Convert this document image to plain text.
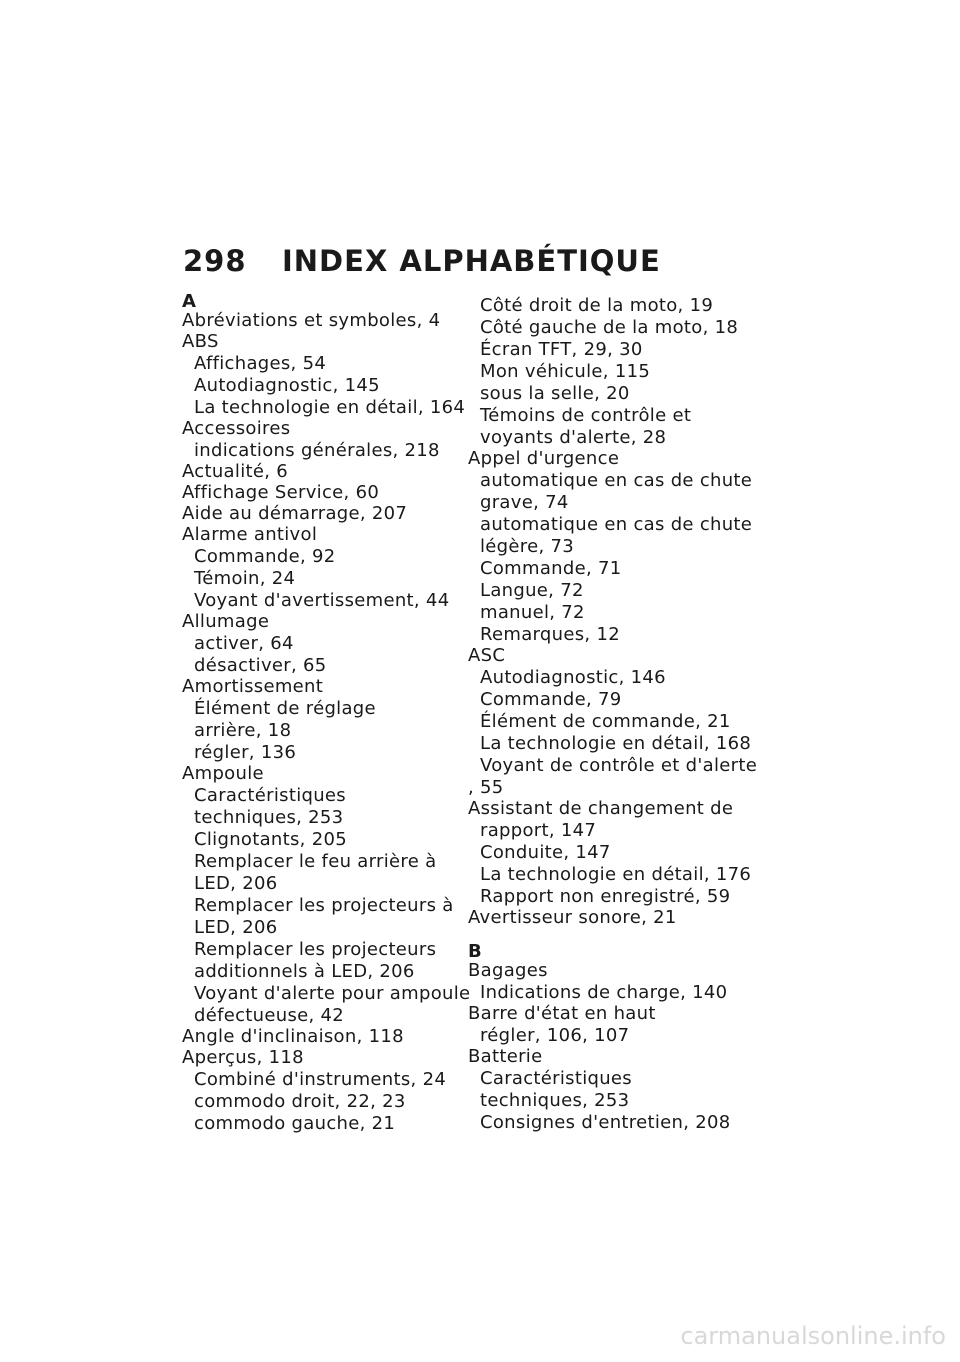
298 INDEX ALPHABÉTIQUE
A
Abréviations et symboles, 4
ABS
Affichages, 54
Autodiagnostic, 145
La technologie en détail, 164
Accessoires
indications générales, 218
Actualité, 6
Affichage Service, 60
Aide au démarrage, 207
Alarme antivol
Commande, 92
Témoin, 24
Voyant d'avertissement, 44
Allumage
activer, 64
désactiver, 65
Amortissement
Élément de réglage
arrière, 18
régler, 136
Ampoule
Caractéristiques
techniques, 253
Clignotants, 205
Remplacer le feu arrière à
LED, 206
Remplacer les projecteurs à
LED, 206
Remplacer les projecteurs
additionnels à LED, 206
Voyant d'alerte pour ampoule
défectueuse, 42
Angle d'inclinaison, 118
Aperçus, 118
Combiné d'instruments, 24
commodo droit, 22, 23
commodo gauche, 21
Côté droit de la moto, 19
Côté gauche de la moto, 18
Écran TFT, 29, 30
Mon véhicule, 115
sous la selle, 20
Témoins de contrôle et
voyants d'alerte, 28
Appel d'urgence
automatique en cas de chute
grave, 74
automatique en cas de chute
légère, 73
Commande, 71
Langue, 72
manuel, 72
Remarques, 12
ASC
Autodiagnostic, 146
Commande, 79
Élément de commande, 21
La technologie en détail, 168
Voyant de contrôle et d'alerte
, 55
Assistant de changement de
rapport, 147
Conduite, 147
La technologie en détail, 176
Rapport non enregistré, 59
Avertisseur sonore, 21
B
Bagages
Indications de charge, 140
Barre d'état en haut
régler, 106, 107
Batterie
Caractéristiques
techniques, 253
Consignes d'entretien, 208
carmanualsonline.info
